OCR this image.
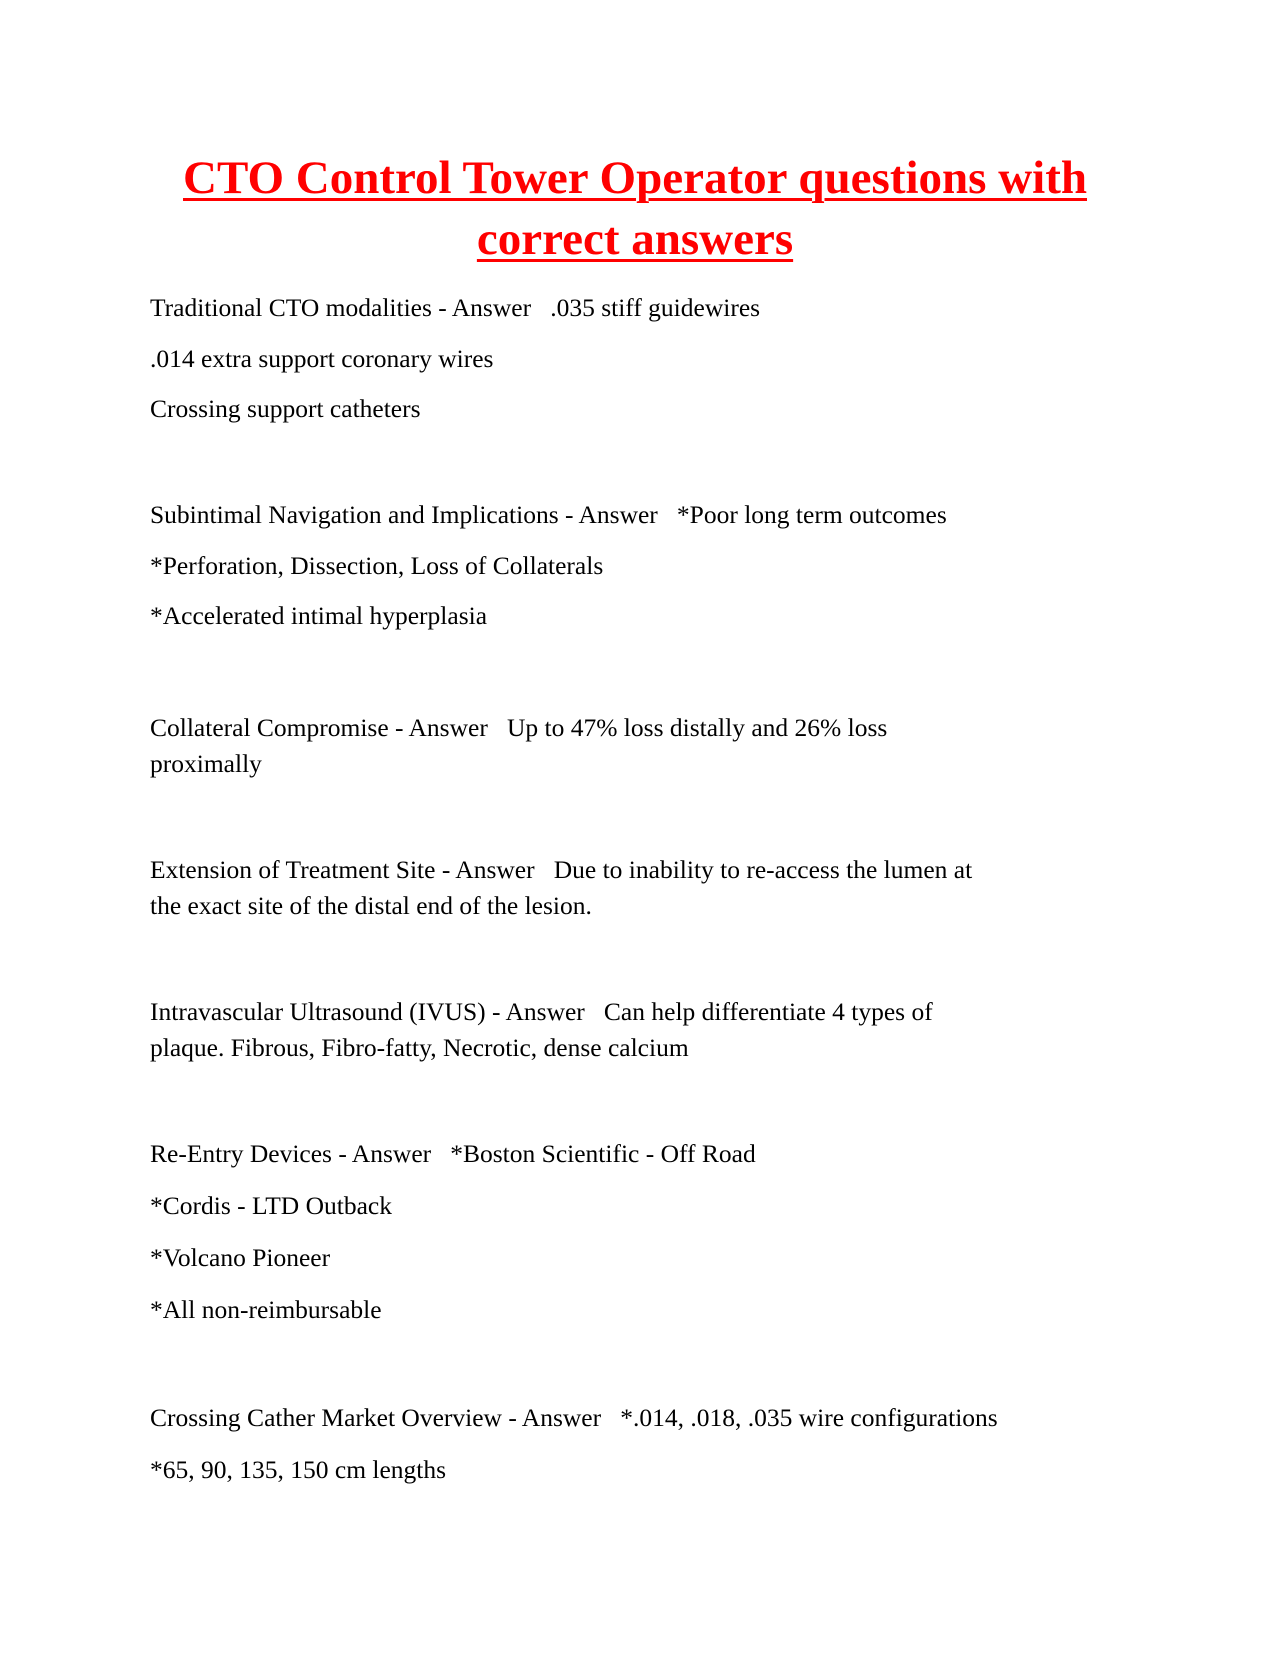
CTO Control Tower Operator questions with correct answers

Traditional CTO modalities - Answer   .035 stiff guidewires

.014 extra support coronary wires

Crossing support catheters

Subintimal Navigation and Implications - Answer   *Poor long term outcomes

*Perforation, Dissection, Loss of Collaterals

*Accelerated intimal hyperplasia

Collateral Compromise - Answer   Up to 47% loss distally and 26% loss
proximally

Extension of Treatment Site - Answer   Due to inability to re-access the lumen at
the exact site of the distal end of the lesion.

Intravascular Ultrasound (IVUS) - Answer   Can help differentiate 4 types of
plaque. Fibrous, Fibro-fatty, Necrotic, dense calcium

Re-Entry Devices - Answer   *Boston Scientific - Off Road

*Cordis - LTD Outback

*Volcano Pioneer

*All non-reimbursable

Crossing Cather Market Overview - Answer   *.014, .018, .035 wire configurations

*65, 90, 135, 150 cm lengths
